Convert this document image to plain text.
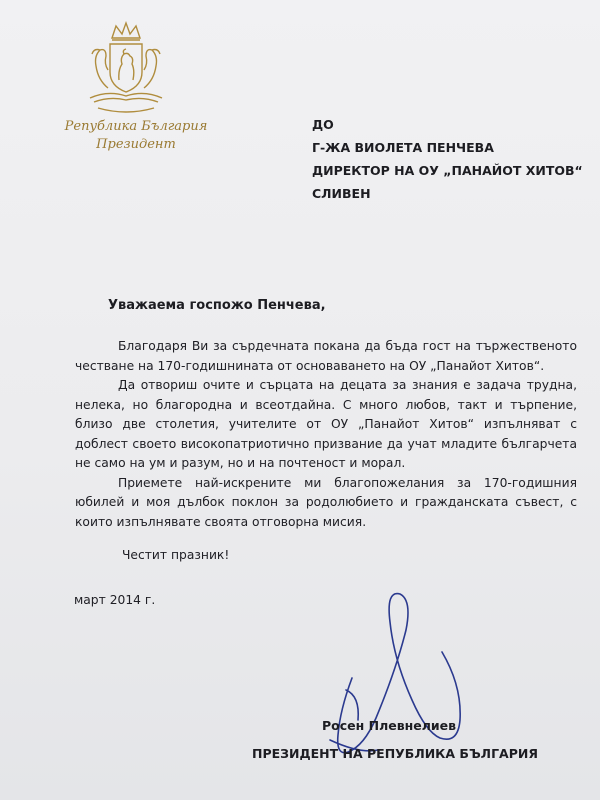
Република България
Президент
ДО
Г-ЖА ВИОЛЕТА ПЕНЧЕВА
ДИРЕКТОР НА ОУ „ПАНАЙОТ ХИТОВ“
СЛИВЕН
Уважаема госпожо Пенчева,

Благодаря Ви за сърдечната покана да бъда гост на тържественото честване на 170-годишнината от основаването на ОУ „Панайот Хитов“.

Да отвориш очите и сърцата на децата за знания е задача трудна, нелека, но благородна и всеотдайна. С много любов, такт и търпение, близо две столетия, учителите от ОУ „Панайот Хитов“ изпълняват с доблест своето високопатриотично призвание да учат младите българчета не само на ум и разум, но и на почтеност и морал.

Приемете най-искрените ми благопожелания за 170-годишния юбилей и моя дълбок поклон за родолюбието и гражданската съвест, с които изпълнявате своята отговорна мисия.

Честит празник!
март 2014 г.
Росен Плевнелиев
ПРЕЗИДЕНТ НА РЕПУБЛИКА БЪЛГАРИЯ
